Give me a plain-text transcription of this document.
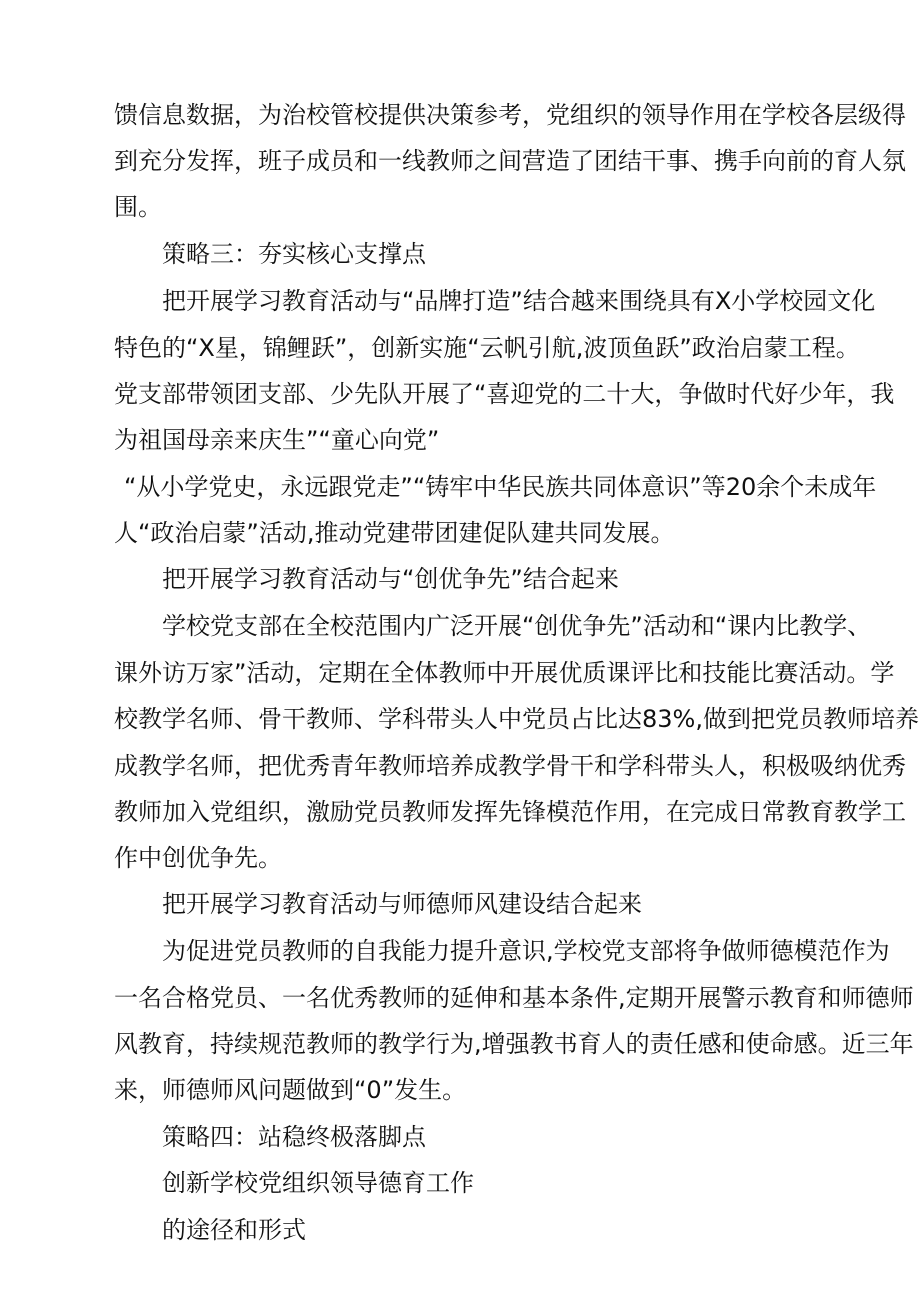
馈信息数据，为治校管校提供决策参考，党组织的领导作用在学校各层级得

到充分发挥，班子成员和一线教师之间营造了团结干事、携手向前的育人氛

围。

策略三：夯实核心支撑点

把开展学习教育活动与“品牌打造”结合越来围绕具有X小学校园文化

特色的“X星，锦鲤跃”，创新实施“云帆引航,波顶鱼跃”政治启蒙工程。

党支部带领团支部、少先队开展了“喜迎党的二十大，争做时代好少年，我

为祖国母亲来庆生”“童心向党”

“从小学党史，永远跟党走”“铸牢中华民族共同体意识”等20余个未成年

人“政治启蒙”活动,推动党建带团建促队建共同发展。

把开展学习教育活动与“创优争先”结合起来

学校党支部在全校范围内广泛开展“创优争先”活动和“课内比教学、

课外访万家”活动，定期在全体教师中开展优质课评比和技能比赛活动。学

校教学名师、骨干教师、学科带头人中党员占比达83%,做到把党员教师培养

成教学名师，把优秀青年教师培养成教学骨干和学科带头人，积极吸纳优秀

教师加入党组织，激励党员教师发挥先锋模范作用，在完成日常教育教学工

作中创优争先。

把开展学习教育活动与师德师风建设结合起来

为促进党员教师的自我能力提升意识,学校党支部将争做师德模范作为

一名合格党员、一名优秀教师的延伸和基本条件,定期开展警示教育和师德师

风教育，持续规范教师的教学行为,增强教书育人的责任感和使命感。近三年

来，师德师风问题做到“0”发生。

策略四：站稳终极落脚点

创新学校党组织领导德育工作

的途径和形式
